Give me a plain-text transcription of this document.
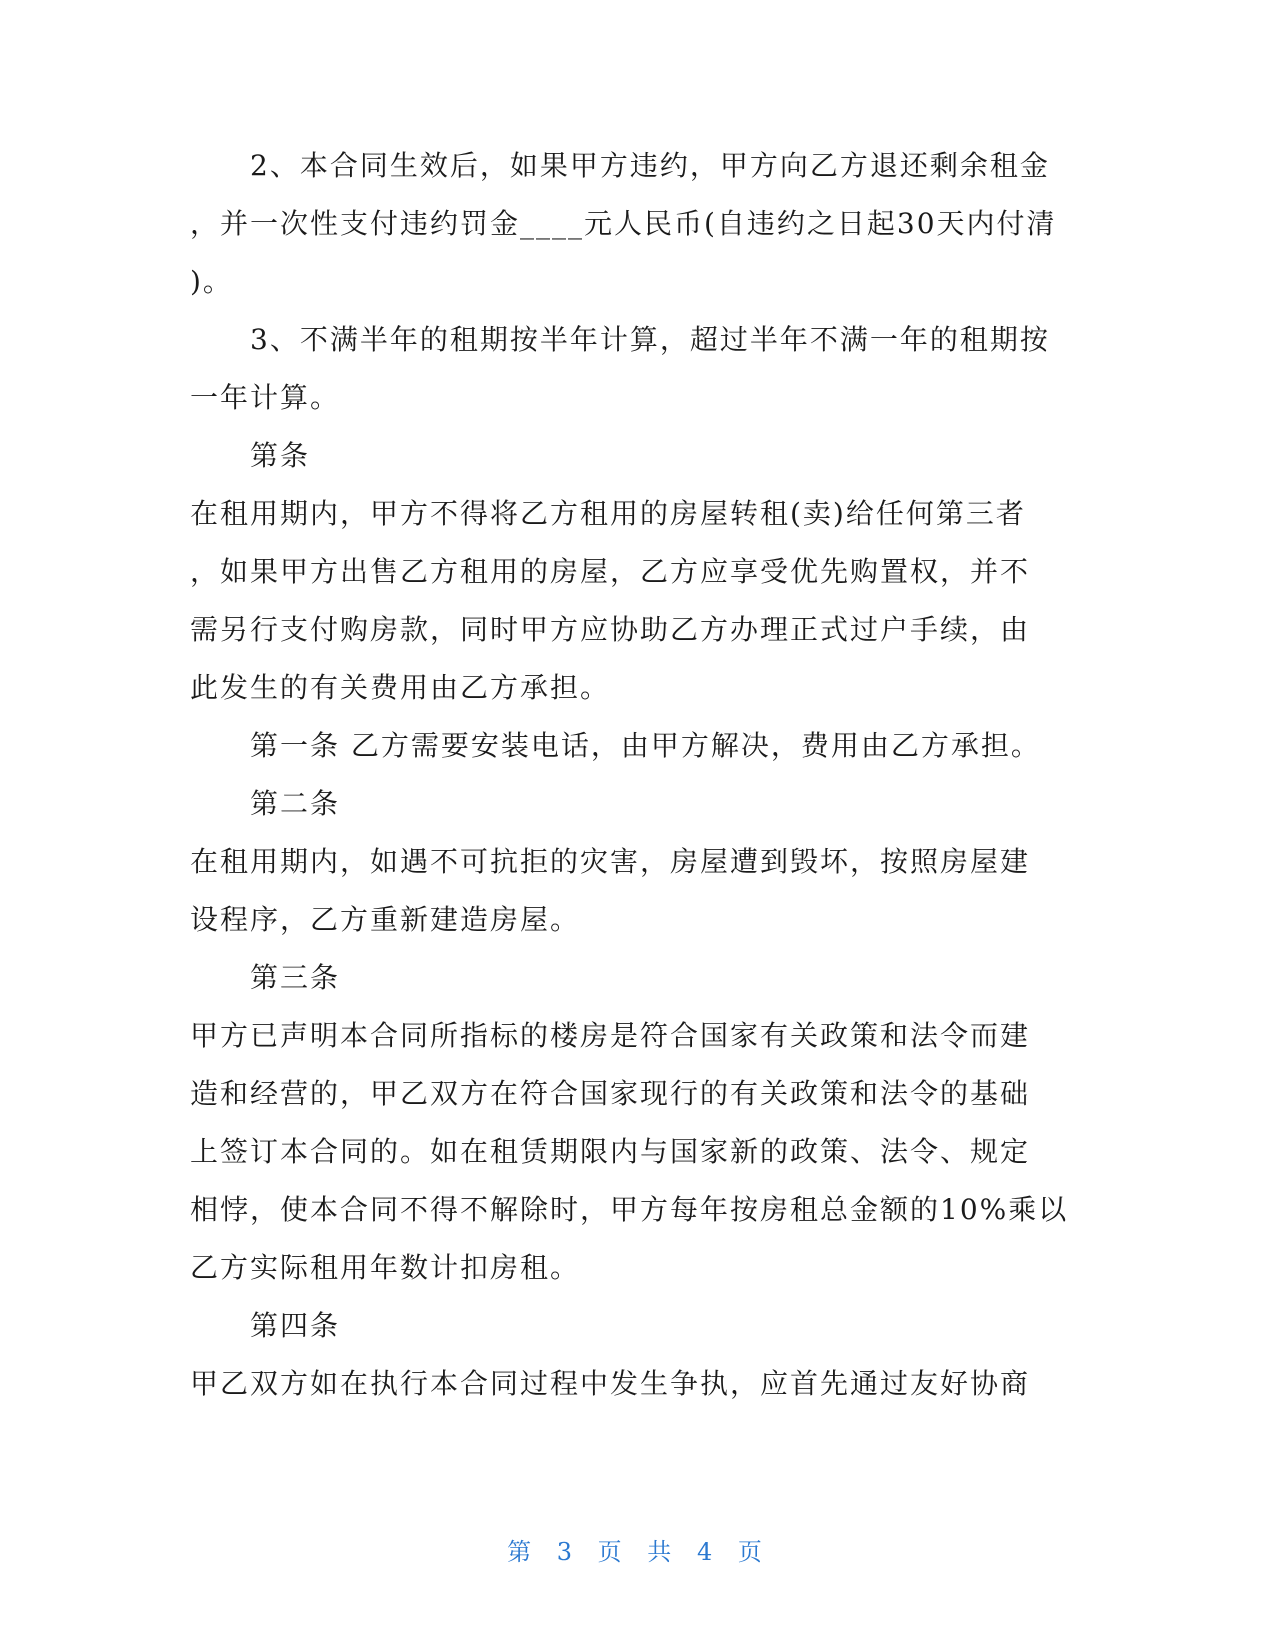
2、本合同生效后，如果甲方违约，甲方向乙方退还剩余租金
，并一次性支付违约罚金____元人民币(自违约之日起30天内付清
)。
3、不满半年的租期按半年计算，超过半年不满一年的租期按
一年计算。
第条
在租用期内，甲方不得将乙方租用的房屋转租(卖)给任何第三者
，如果甲方出售乙方租用的房屋，乙方应享受优先购置权，并不
需另行支付购房款，同时甲方应协助乙方办理正式过户手续，由
此发生的有关费用由乙方承担。
第一条 乙方需要安装电话，由甲方解决，费用由乙方承担。
第二条
在租用期内，如遇不可抗拒的灾害，房屋遭到毁坏，按照房屋建
设程序，乙方重新建造房屋。
第三条
甲方已声明本合同所指标的楼房是符合国家有关政策和法令而建
造和经营的，甲乙双方在符合国家现行的有关政策和法令的基础
上签订本合同的。如在租赁期限内与国家新的政策、法令、规定
相悖，使本合同不得不解除时，甲方每年按房租总金额的10%乘以
乙方实际租用年数计扣房租。
第四条
甲乙双方如在执行本合同过程中发生争执，应首先通过友好协商
第 3 页 共 4 页
